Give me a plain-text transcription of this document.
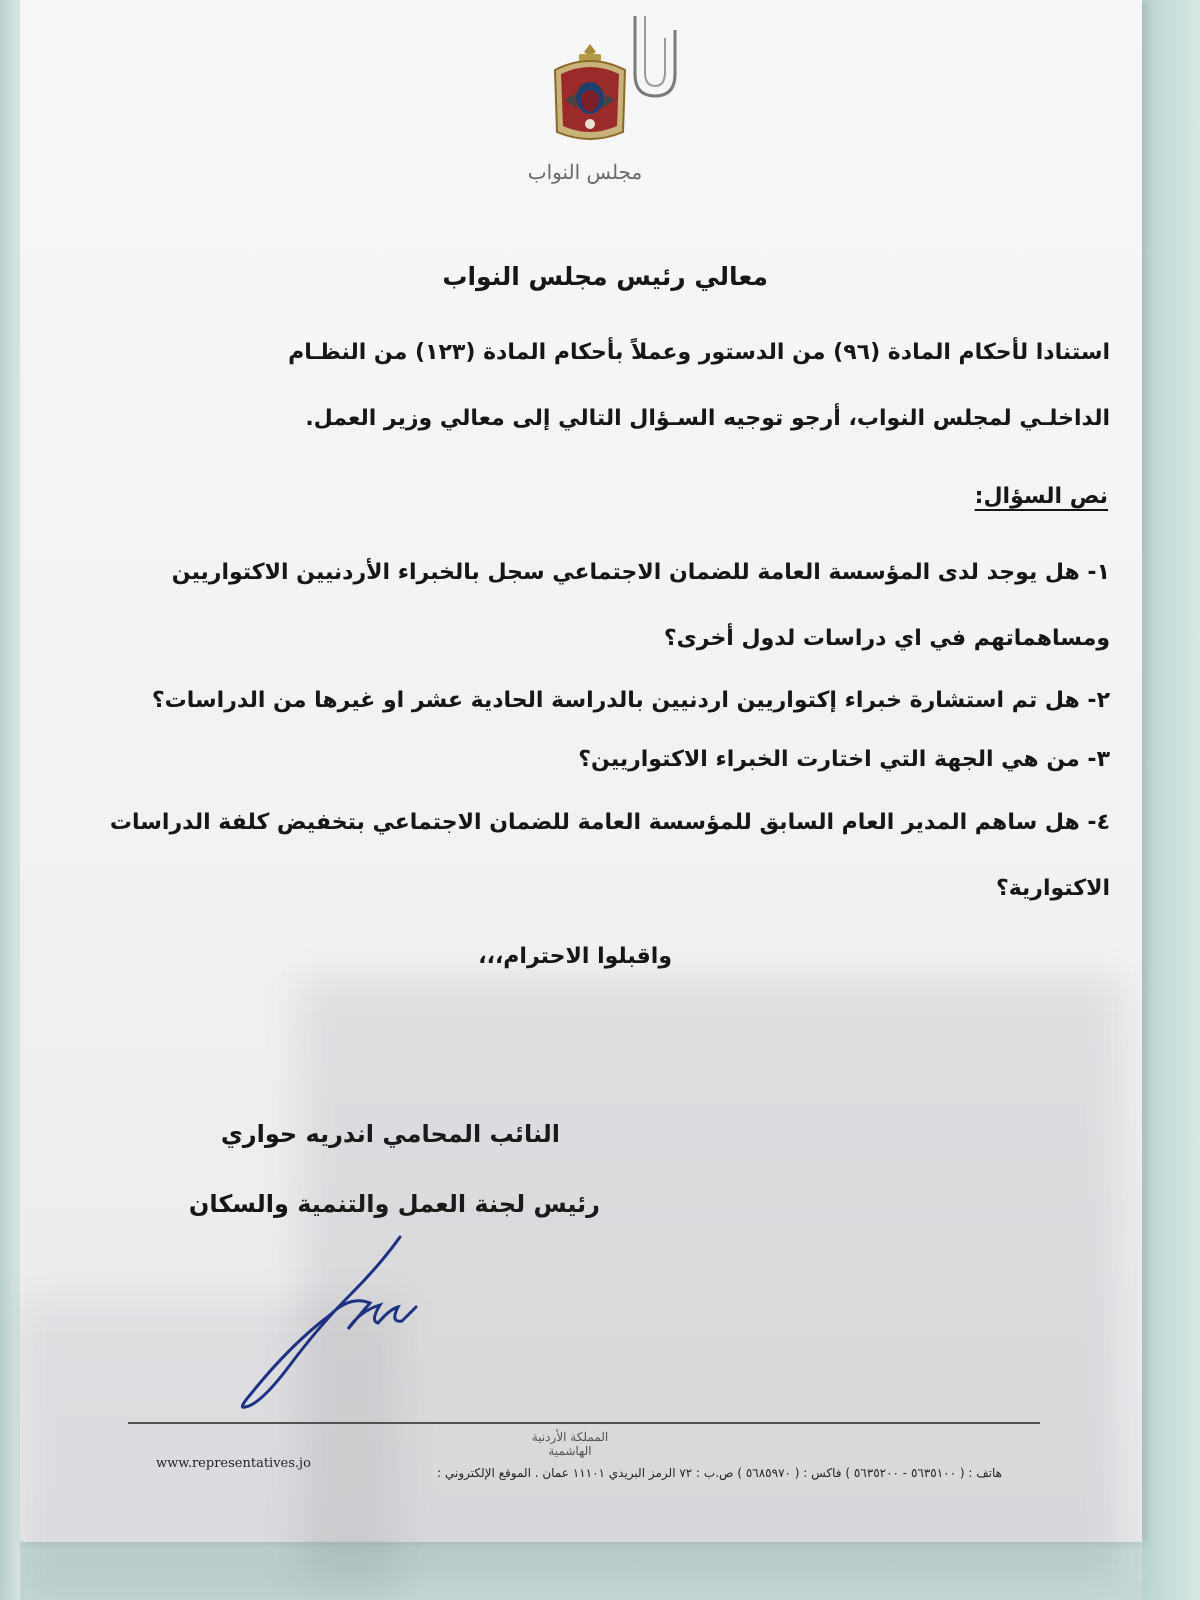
مجلس النواب
معالي رئيس مجلس النواب
استنادا لأحكام المادة (٩٦) من الدستور وعملاً بأحكام المادة (١٢٣) من النظـام
الداخلـي لمجلس النواب، أرجو توجيه السـؤال التالي إلى معالي وزير العمل.
نص السؤال:
١- هل يوجد لدى المؤسسة العامة للضمان الاجتماعي سجل بالخبراء الأردنيين الاكتواريين
ومساهماتهم في اي دراسات لدول أخرى؟
٢- هل تم استشارة خبراء إكتواريين اردنيين بالدراسة الحادية عشر او غيرها من الدراسات؟
٣- من هي الجهة التي اختارت الخبراء الاكتواريين؟
٤- هل ساهم المدير العام السابق للمؤسسة العامة للضمان الاجتماعي بتخفيض كلفة الدراسات
الاكتوارية؟
واقبلوا الاحترام،،،
النائب المحامي اندريه حواري
رئيس لجنة العمل والتنمية والسكان
المملكة الأردنية الهاشمية
هاتف : ( ٥٦٣٥١٠٠ - ٥٦٣٥٢٠٠ ) فاكس : ( ٥٦٨٥٩٧٠ ) ص.ب : ٧٢ الرمز البريدي ١١١٠١ عمان . الموقع الإلكتروني :
www.representatives.jo
